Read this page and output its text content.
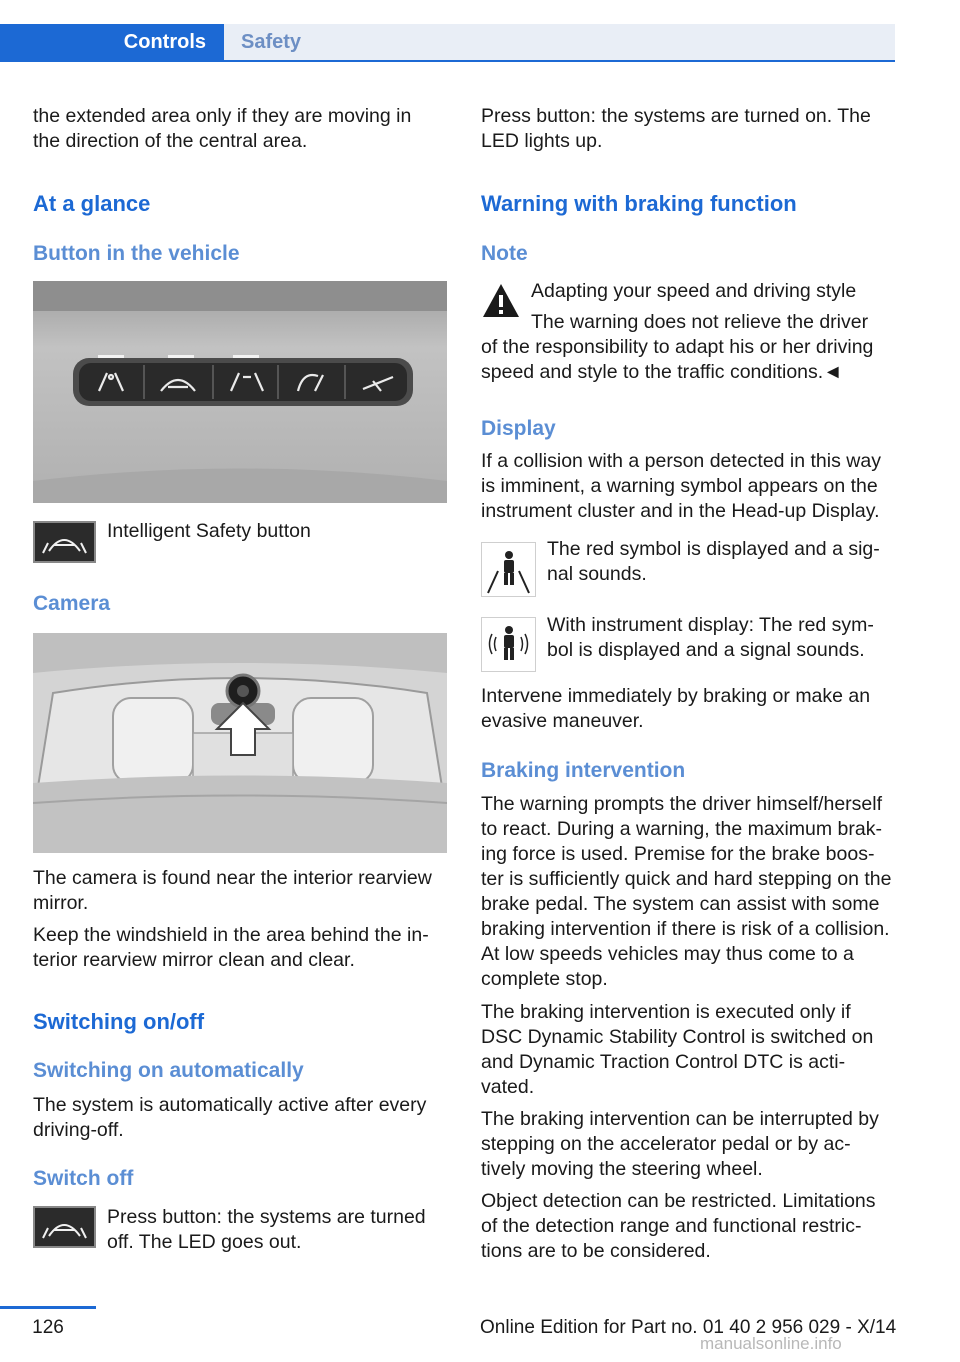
Controls	Safety
the extended area only if they are moving in the direction of the central area.
At a glance
Button in the vehicle
Intelligent Safety button
Camera
The camera is found near the interior rearview mirror.
Keep the windshield in the area behind the in‐terior rearview mirror clean and clear.
Switching on/off
Switching on automatically
The system is automatically active after every driving-off.
Switch off
Press button: the systems are turned off. The LED goes out.
Press button: the systems are turned on. The LED lights up.
Warning with braking function
Note
Adapting your speed and driving style
The warning does not relieve the driver
of the responsibility to adapt his or her driving speed and style to the traffic conditions.◄
Display
If a collision with a person detected in this way is imminent, a warning symbol appears on the instrument cluster and in the Head-up Display.
The red symbol is displayed and a sig‐nal sounds.
With instrument display: The red sym‐bol is displayed and a signal sounds.
Intervene immediately by braking or make an evasive maneuver.
Braking intervention
The warning prompts the driver himself/herself to react. During a warning, the maximum brak‐ing force is used. Premise for the brake boos‐ter is sufficiently quick and hard stepping on the brake pedal. The system can assist with some braking intervention if there is risk of a collision. At low speeds vehicles may thus come to a complete stop.
The braking intervention is executed only if DSC Dynamic Stability Control is switched on and Dynamic Traction Control DTC is acti‐vated.
The braking intervention can be interrupted by stepping on the accelerator pedal or by ac‐tively moving the steering wheel.
Object detection can be restricted. Limitations of the detection range and functional restric‐tions are to be considered.
126	Online Edition for Part no. 01 40 2 956 029 - X/14
manualsonline.info
